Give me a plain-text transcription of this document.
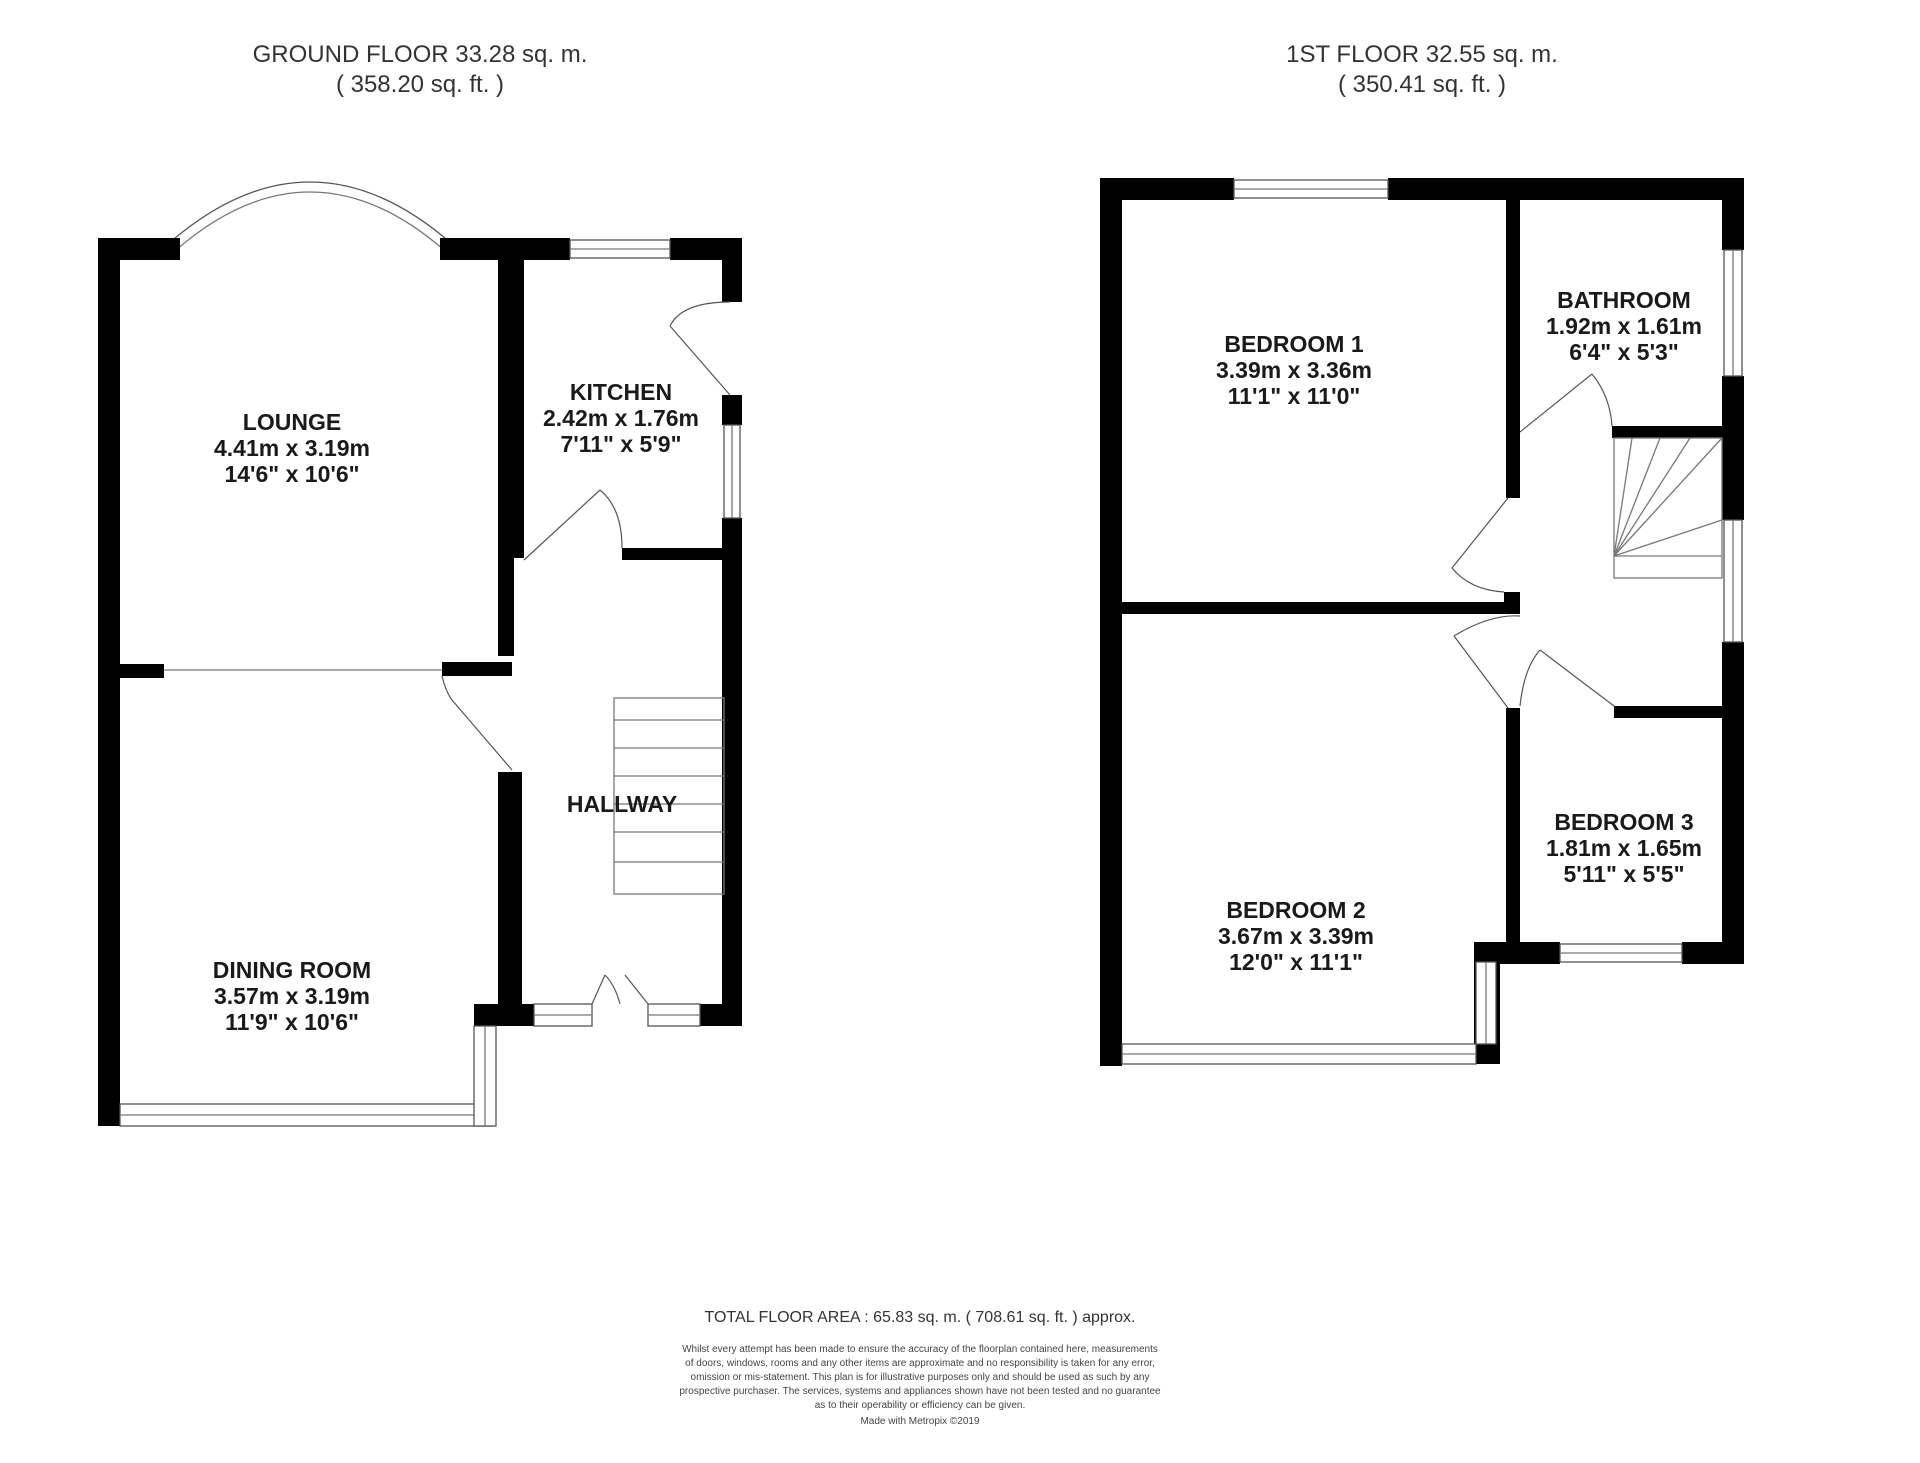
GROUND FLOOR 33.28 sq. m.
( 358.20 sq. ft. )
1ST FLOOR 32.55 sq. m.
( 350.41 sq. ft. )
LOUNGE
4.41m x 3.19m
14'6" x 10'6"
KITCHEN
2.42m x 1.76m
7'11" x 5'9"
HALLWAY
DINING ROOM
3.57m x 3.19m
11'9" x 10'6"
BEDROOM 1
3.39m x 3.36m
11'1" x 11'0"
BATHROOM
1.92m x 1.61m
6'4" x 5'3"
BEDROOM 2
3.67m x 3.39m
12'0" x 11'1"
BEDROOM 3
1.81m x 1.65m
5'11" x 5'5"
TOTAL FLOOR AREA : 65.83 sq. m. ( 708.61 sq. ft. ) approx.
Whilst every attempt has been made to ensure the accuracy of the floorplan contained here, measurements
of doors, windows, rooms and any other items are approximate and no responsibility is taken for any error,
omission or mis-statement. This plan is for illustrative purposes only and should be used as such by any
prospective purchaser. The services, systems and appliances shown have not been tested and no guarantee
as to their operability or efficiency can be given.
Made with Metropix ©2019
